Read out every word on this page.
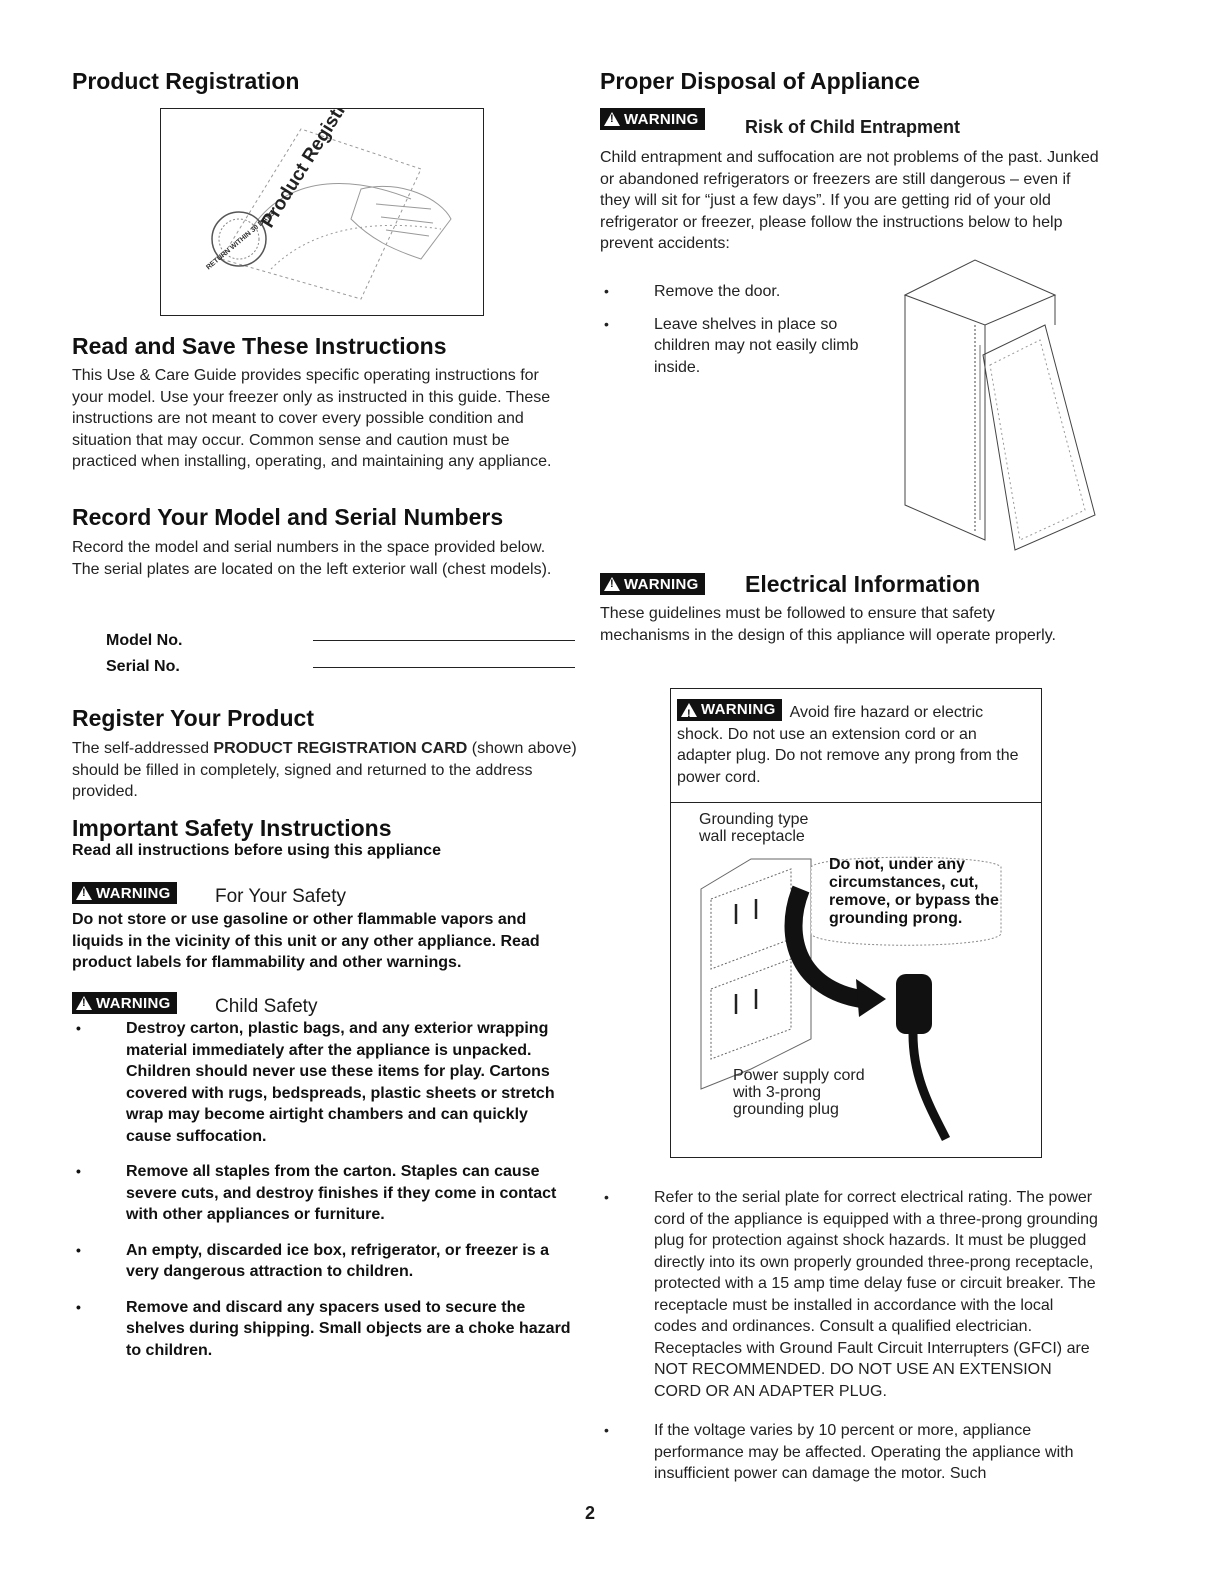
Product Registration
RETURN WITHIN 30 DAYS
Product Registration Card
Read and Save These Instructions
This Use & Care Guide provides specific operating instructions for your model. Use your freezer only as instructed in this guide. These instructions are not meant to cover every possible condition and situation that may occur. Common sense and caution must be practiced when installing, operating, and maintaining any appliance.
Record Your Model and Serial Numbers
Record the model and serial numbers in the space provided below. The serial plates are located on the left exterior wall (chest models).
Model No.
Serial No.
Register Your Product
The self-addressed PRODUCT REGISTRATION CARD (shown above) should be filled in completely, signed and returned to the address provided.
Important Safety Instructions
Read all instructions before using this appliance
!
WARNING For Your Safety
Do not store or use gasoline or other flammable vapors and liquids in the vicinity of this unit or any other appliance. Read product labels for flammability and other warnings.
!
WARNING Child Safety
• Destroy carton, plastic bags, and any exterior wrapping material immediately after the appliance is unpacked. Children should never use these items for play. Cartons covered with rugs, bedspreads, plastic sheets or stretch wrap may become airtight chambers and can quickly cause suffocation.
• Remove all staples from the carton. Staples can cause severe cuts, and destroy finishes if they come in contact with other appliances or furniture.
• An empty, discarded ice box, refrigerator, or freezer is a very dangerous attraction to children.
• Remove and discard any spacers used to secure the shelves during shipping. Small objects are a choke hazard to children.
Proper Disposal of Appliance
!
WARNING	Risk of Child Entrapment
Child entrapment and suffocation are not problems of the past. Junked or abandoned refrigerators or freezers are still dangerous – even if they will sit for “just a few days”. If you are getting rid of your old refrigerator or freezer, please follow the instructions below to help prevent accidents:
• Remove the door.
• Leave shelves in place so children may not easily climb inside.
!
WARNING Electrical Information
These guidelines must be followed to ensure that safety mechanisms in the design of this appliance will operate properly.
!
WARNING Avoid fire hazard or electric shock. Do not use an extension cord or an adapter plug. Do not remove any prong from the power cord.
Grounding type wall receptacle
Do not, under any circumstances, cut, remove, or bypass the grounding prong.
Power supply cord with 3-prong grounding plug
• Refer to the serial plate for correct electrical rating. The power cord of the appliance is equipped with a three-prong grounding plug for protection against shock hazards. It must be plugged directly into its own properly grounded three-prong receptacle, protected with a 15 amp time delay fuse or circuit breaker. The receptacle must be installed in accordance with the local codes and ordinances. Consult a qualified electrician. Receptacles with Ground Fault Circuit Interrupters (GFCI) are NOT RECOMMENDED. DO NOT USE AN EXTENSION CORD OR AN ADAPTER PLUG.
• If the voltage varies by 10 percent or more, appliance performance may be affected. Operating the appliance with insufficient power can damage the motor. Such
2
